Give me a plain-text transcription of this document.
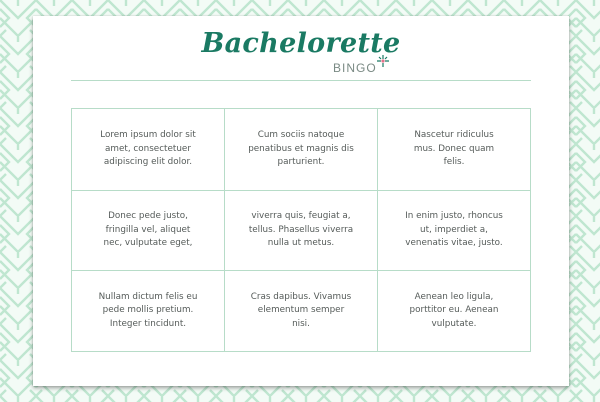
Bachelorette
BINGO
Lorem ipsum dolor sit
amet, consectetuer
adipiscing elit dolor.
Cum sociis natoque
penatibus et magnis dis
parturient.
Nascetur ridiculus
mus. Donec quam
felis.
Donec pede justo,
fringilla vel, aliquet
nec, vulputate eget,
viverra quis, feugiat a,
tellus. Phasellus viverra
nulla ut metus.
In enim justo, rhoncus
ut, imperdiet a,
venenatis vitae, justo.
Nullam dictum felis eu
pede mollis pretium.
Integer tincidunt.
Cras dapibus. Vivamus
elementum semper
nisi.
Aenean leo ligula,
porttitor eu. Aenean
vulputate.
